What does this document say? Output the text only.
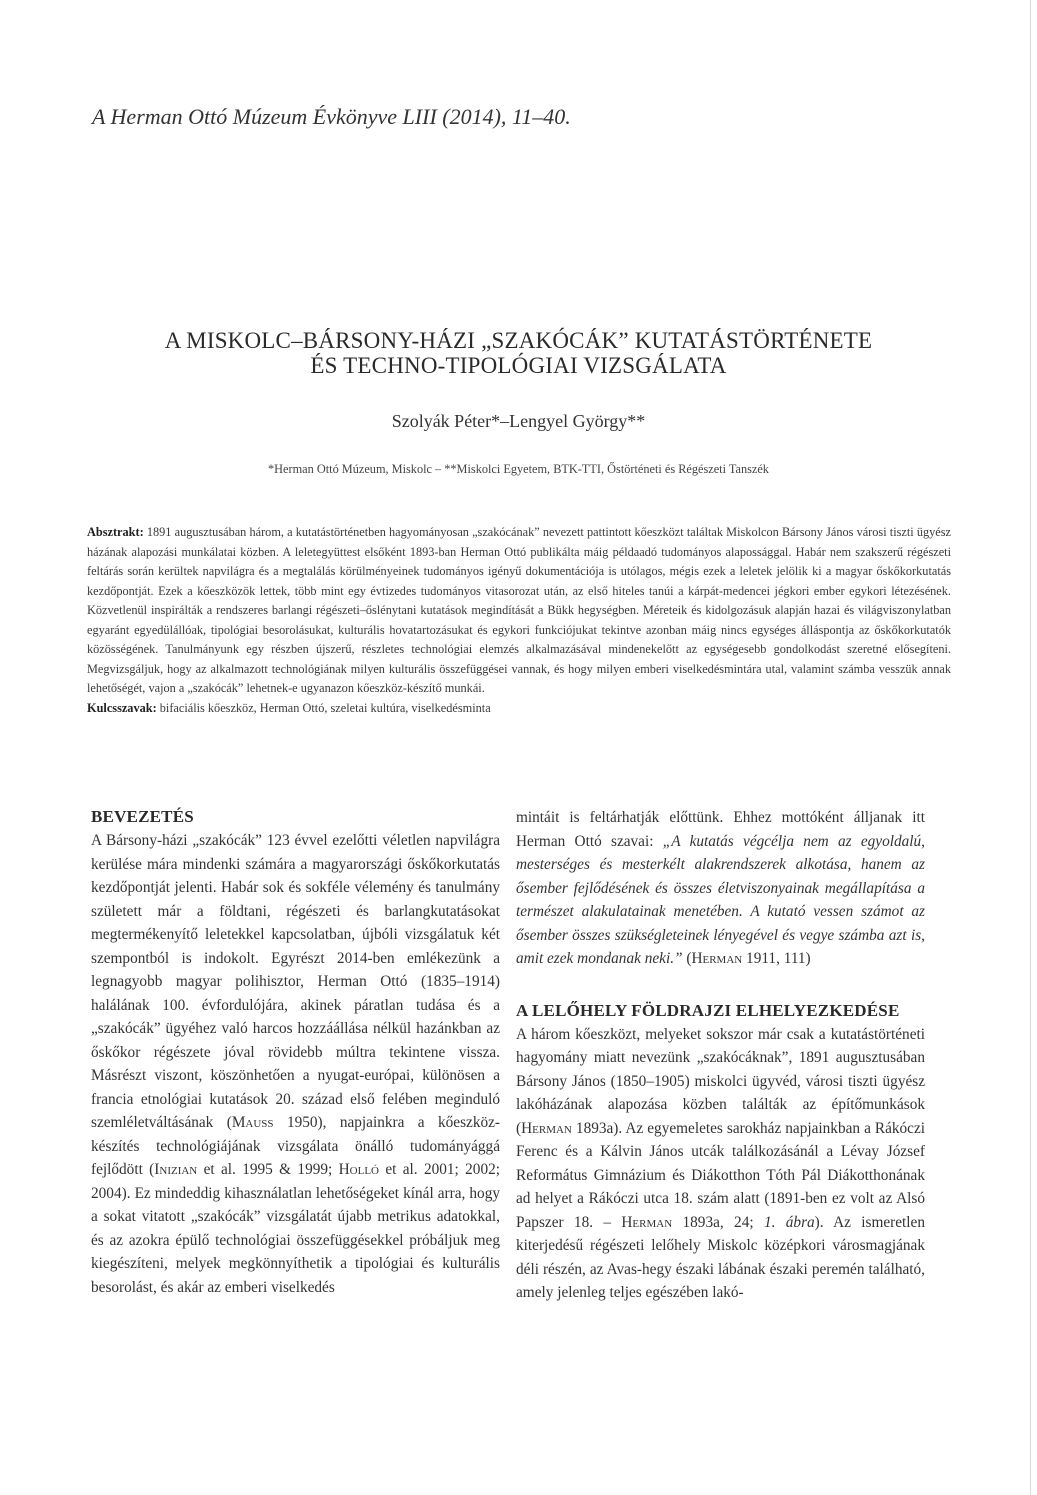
A Herman Ottó Múzeum Évkönyve LIII (2014), 11–40.
A MISKOLC–BÁRSONY-HÁZI „SZAKÓCÁK” KUTATÁSTÖRTÉNETE
ÉS TECHNO-TIPOLÓGIAI VIZSGÁLATA
Szolyák Péter*–Lengyel György**
*Herman Ottó Múzeum, Miskolc – **Miskolci Egyetem, BTK-TTI, Őstörténeti és Régészeti Tanszék

Absztrakt: 1891 augusztusában három, a kutatástörténetben hagyományosan „szakócának” nevezett pattintott kőeszközt találtak Miskolcon Bársony János városi tiszti ügyész házának alapozási munkálatai közben. A leletegyüttest elsőként 1893-ban Herman Ottó publikálta máig példaadó tudományos alapossággal. Habár nem szakszerű régészeti feltárás során kerültek napvilágra és a megtalálás körülményeinek tudományos igényű dokumentációja is utólagos, mégis ezek a leletek jelölik ki a magyar őskőkorkutatás kezdőpontját. Ezek a kőeszközök lettek, több mint egy évtizedes tudományos vitasorozat után, az első hiteles tanúi a kárpát-medencei jégkori ember egykori létezésének. Közvetlenül inspirálták a rendszeres barlangi régészeti–őslénytani kutatások megindítását a Bükk hegységben. Méreteik és kidolgozásuk alapján hazai és világviszonylatban egyaránt egyedülállóak, tipológiai besorolásukat, kulturális hovatartozásukat és egykori funkciójukat tekintve azonban máig nincs egységes álláspontja az őskőkorkutatók közösségének. Tanulmányunk egy részben újszerű, részletes technológiai elemzés alkalmazásával mindenekelőtt az egységesebb gondolkodást szeretné elősegíteni. Megvizsgáljuk, hogy az alkalmazott technológiának milyen kulturális összefüggései vannak, és hogy milyen emberi viselkedésmintára utal, valamint számba vesszük annak lehetőségét, vajon a „szakócák” lehetnek-e ugyanazon kőeszköz-készítő munkái.

Kulcsszavak: bifaciális kőeszköz, Herman Ottó, szeletai kultúra, viselkedésminta

BEVEZETÉS

A Bársony-házi „szakócák” 123 évvel ezelőtti véletlen napvilágra kerülése mára mindenki számára a magyarországi őskőkorkutatás kezdőpontját jelenti. Habár sok és sokféle vélemény és tanulmány született már a földtani, régészeti és barlangkutatásokat megtermékenyítő leletekkel kapcsolatban, újbóli vizsgálatuk két szempontból is indokolt. Egyrészt 2014-ben emlékezünk a legnagyobb magyar polihisztor, Herman Ottó (1835–1914) halálának 100. évfordulójára, akinek páratlan tudása és a „szakócák” ügyéhez való harcos hozzáállása nélkül hazánkban az őskőkor régészete jóval rövidebb múltra tekintene vissza. Másrészt viszont, köszönhetően a nyugat-európai, különösen a francia etnológiai kutatások 20. század első felében meginduló szemléletváltásának (Mauss 1950), napjainkra a kőeszköz-készítés technológiájának vizsgálata önálló tudományággá fejlődött (Inizian et al. 1995 & 1999; Holló et al. 2001; 2002; 2004). Ez mindeddig kihasználatlan lehetőségeket kínál arra, hogy a sokat vitatott „szakócák” vizsgálatát újabb metrikus adatokkal, és az azokra épülő technológiai összefüggésekkel próbáljuk meg kiegészíteni, melyek megkönnyíthetik a tipológiai és kulturális besorolást, és akár az emberi viselkedés

mintáit is feltárhatják előttünk. Ehhez mottóként álljanak itt Herman Ottó szavai: „A kutatás végcélja nem az egyoldalú, mesterséges és mesterkélt alakrendszerek alkotása, hanem az ősember fejlődésének és összes életviszonyainak megállapítása a természet alakulatainak menetében. A kutató vessen számot az ősember összes szükségleteinek lényegével és vegye számba azt is, amit ezek mondanak neki.” (Herman 1911, 111)

A LELŐHELY FÖLDRAJZI ELHELYEZKEDÉSE

A három kőeszközt, melyeket sokszor már csak a kutatástörténeti hagyomány miatt nevezünk „szakócáknak”, 1891 augusztusában Bársony János (1850–1905) miskolci ügyvéd, városi tiszti ügyész lakóházának alapozása közben találták az építőmunkások (Herman 1893a). Az egyemeletes sarokház napjainkban a Rákóczi Ferenc és a Kálvin János utcák találkozásánál a Lévay József Református Gimnázium és Diákotthon Tóth Pál Diákotthonának ad helyet a Rákóczi utca 18. szám alatt (1891-ben ez volt az Alsó Papszer 18. – Herman 1893a, 24; 1. ábra). Az ismeretlen kiterjedésű régészeti lelőhely Miskolc középkori városmagjának déli részén, az Avas-hegy északi lábának északi peremén található, amely jelenleg teljes egészében lakó-
